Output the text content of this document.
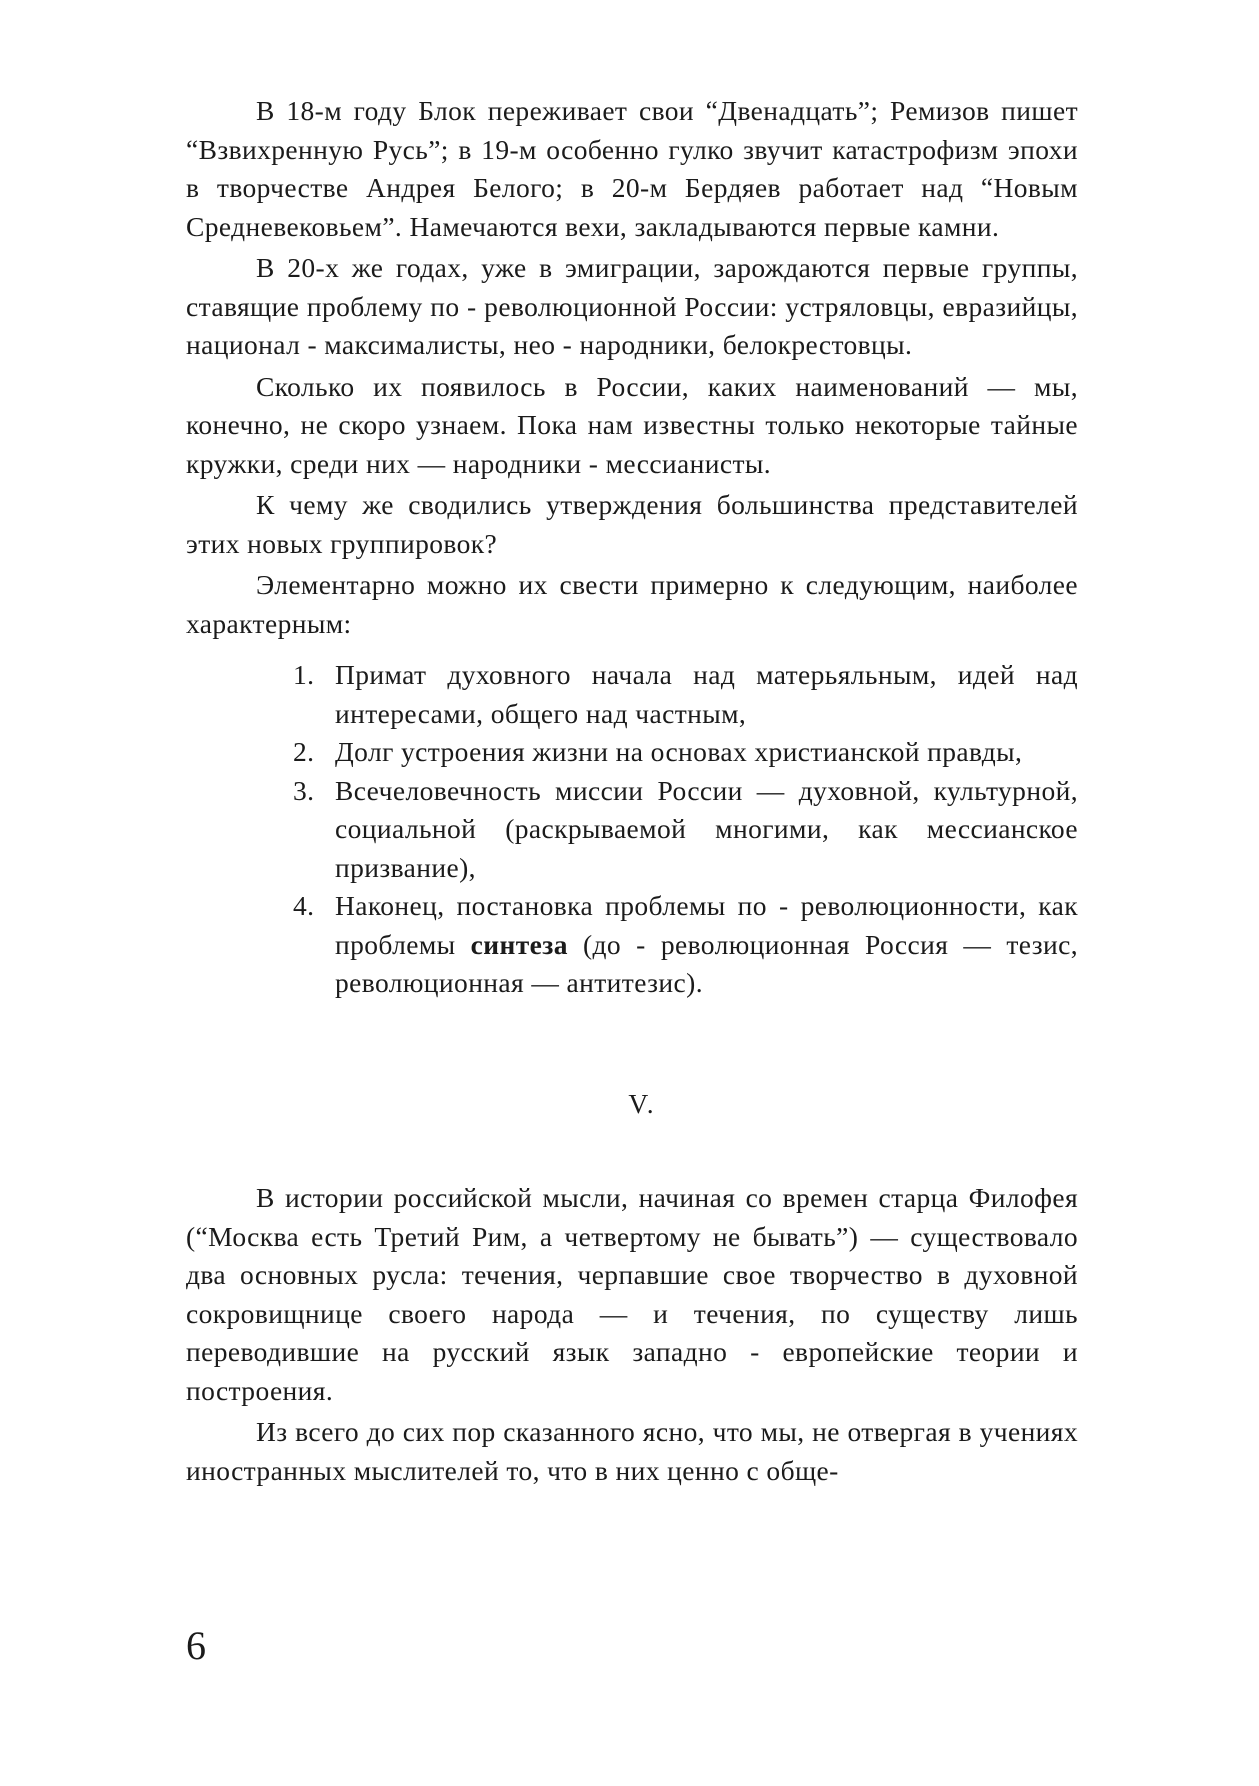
В 18-м году Блок переживает свои “Двенадцать”; Ремизов пишет “Взвихренную Русь”; в 19-м особенно гулко звучит катастрофизм эпохи в творчестве Андрея Белого; в 20-м Бердяев работает над “Новым Средневековьем”. Намечаются вехи, закладываются первые камни.

В 20-х же годах, уже в эмиграции, зарождаются первые группы, ставящие проблему по - революционной России: устряловцы, евразийцы, национал - максималисты, нео - народники, белокрестовцы.

Сколько их появилось в России, каких наименований — мы, конечно, не скоро узнаем. Пока нам известны только некоторые тайные кружки, среди них — народники - мессианисты.

К чему же сводились утверждения большинства представителей этих новых группировок?

Элементарно можно их свести примерно к следующим, наиболее характерным:

1. Примат духовного начала над матерьяльным, идей над интересами, общего над частным,
2. Долг устроения жизни на основах христианской правды,
3. Всечеловечность миссии России — духовной, культурной, социальной (раскрываемой многими, как мессианское призвание),
4. Наконец, постановка проблемы по - революционности, как проблемы синтеза (до - революционная Россия — тезис, революционная — антитезис).
V.

В истории российской мысли, начиная со времен старца Филофея (“Москва есть Третий Рим, а четвертому не бывать”) — существовало два основных русла: течения, черпавшие свое творчество в духовной сокровищнице своего народа — и течения, по существу лишь переводившие на русский язык западно - европейские теории и построения.

Из всего до сих пор сказанного ясно, что мы, не отвергая в учениях иностранных мыслителей то, что в них ценно с обще-

6
